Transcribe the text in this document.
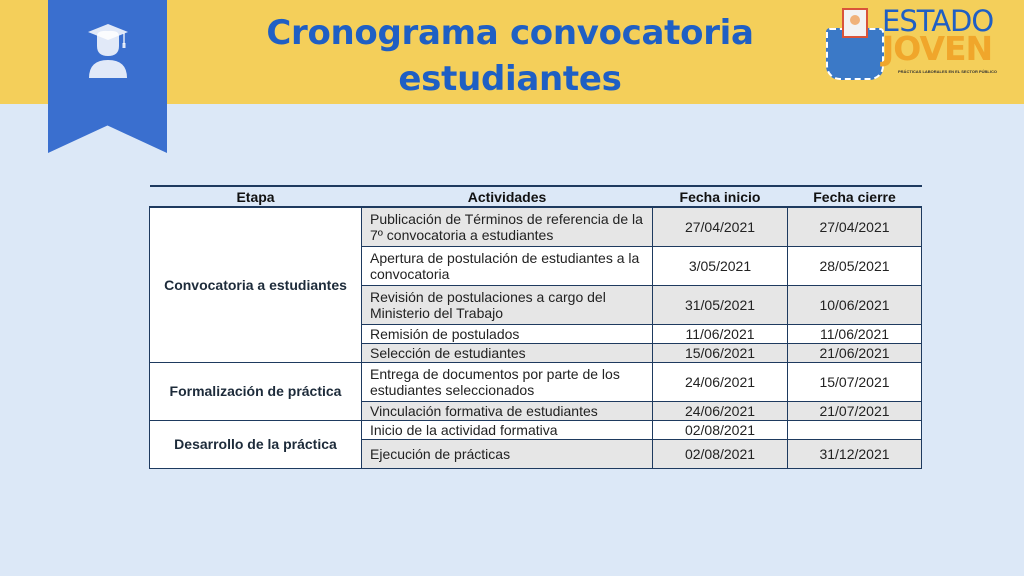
Cronograma convocatoria estudiantes
ESTADO
JOVEN
PRÁCTICAS LABORALES EN EL SECTOR PÚBLICO
Etapa	Actividades	Fecha inicio	Fecha cierre
Convocatoria a estudiantes	Publicación de Términos de referencia de la 7º convocatoria a estudiantes	27/04/2021	27/04/2021
	Apertura de postulación de estudiantes a la convocatoria	3/05/2021	28/05/2021
	Revisión de postulaciones a cargo del Ministerio del Trabajo	31/05/2021	10/06/2021
	Remisión de postulados	11/06/2021	11/06/2021
	Selección de estudiantes	15/06/2021	21/06/2021
Formalización de práctica	Entrega de documentos por parte de los estudiantes seleccionados	24/06/2021	15/07/2021
	Vinculación formativa de estudiantes	24/06/2021	21/07/2021
Desarrollo de la práctica	Inicio de la actividad formativa	02/08/2021	
	Ejecución de prácticas	02/08/2021	31/12/2021
